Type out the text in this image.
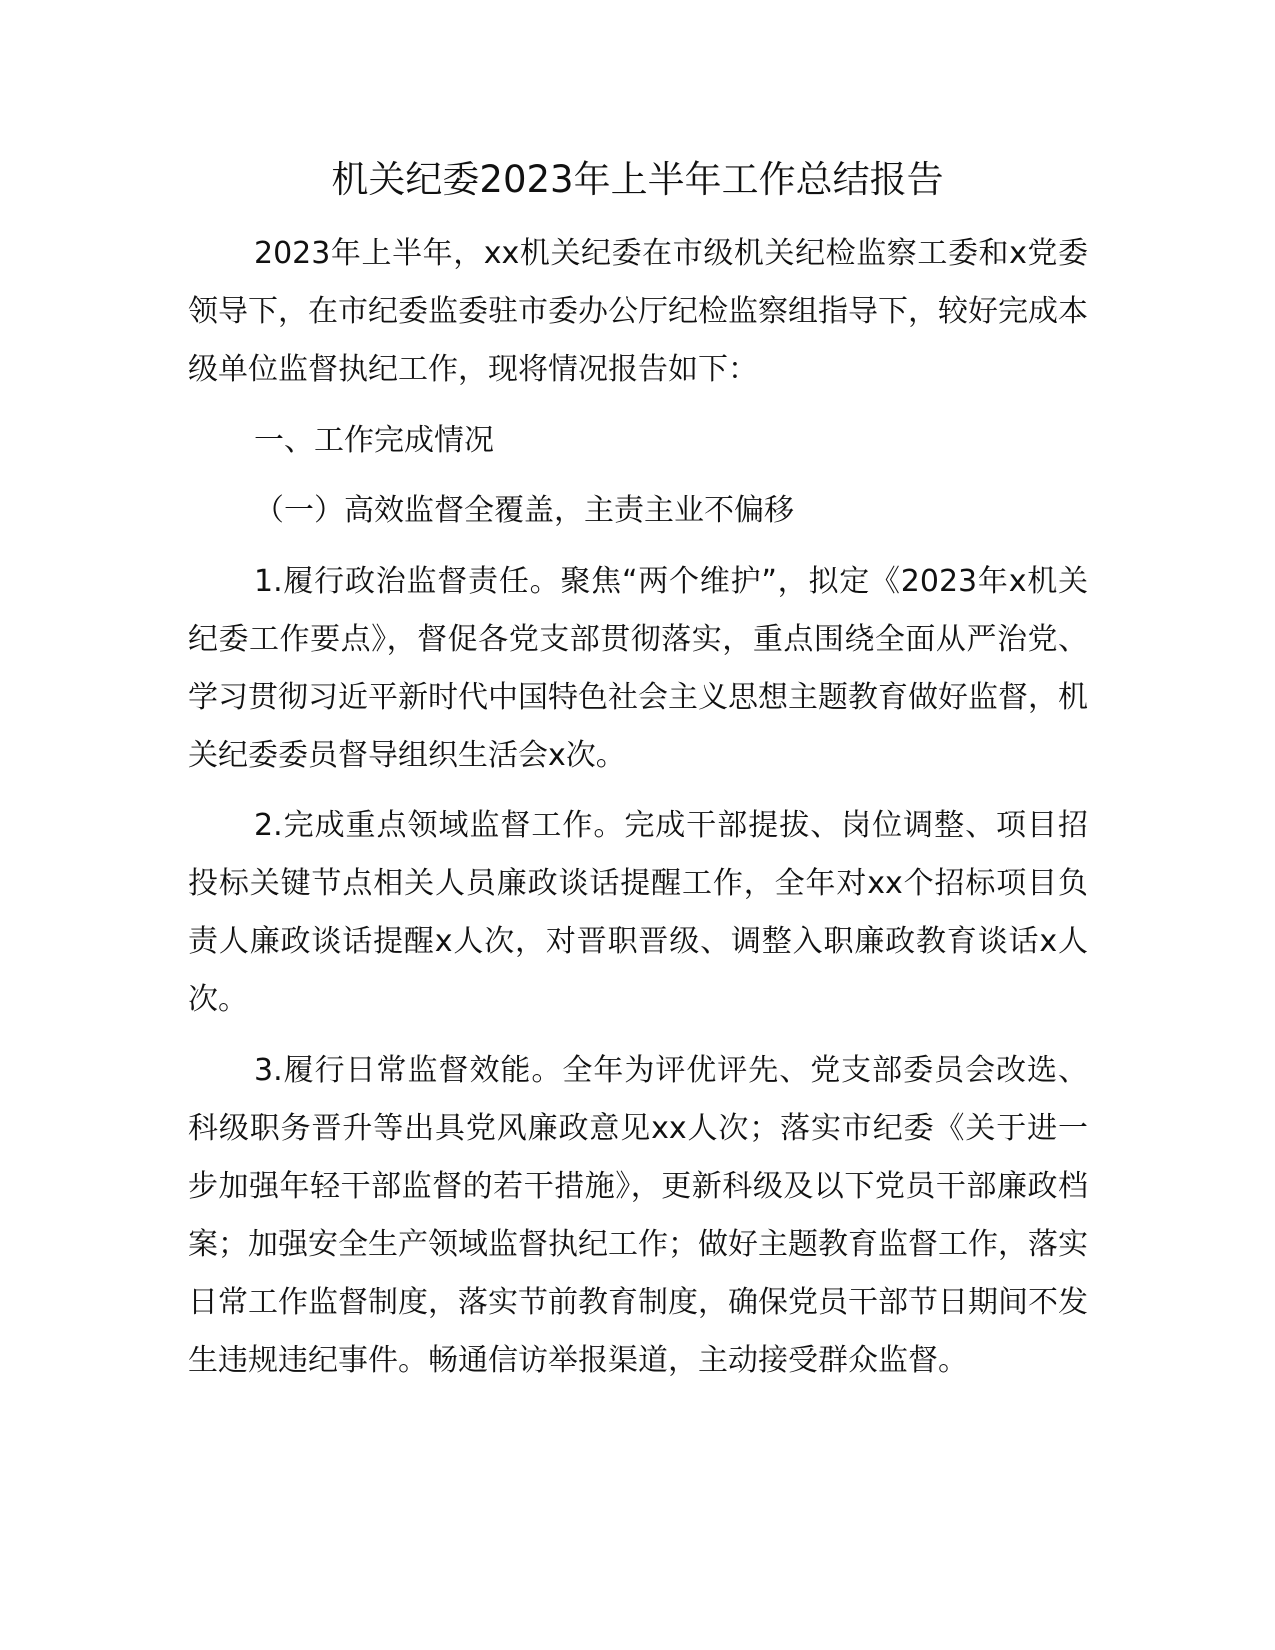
机关纪委2023年上半年工作总结报告

2023年上半年，xx机关纪委在市级机关纪检监察工委和x党委领导下，在市纪委监委驻市委办公厅纪检监察组指导下，较好完成本级单位监督执纪工作，现将情况报告如下：

一、工作完成情况

（一）高效监督全覆盖，主责主业不偏移

1.履行政治监督责任。聚焦“两个维护”，拟定《2023年x机关纪委工作要点》，督促各党支部贯彻落实，重点围绕全面从严治党、学习贯彻习近平新时代中国特色社会主义思想主题教育做好监督，机关纪委委员督导组织生活会x次。

2.完成重点领域监督工作。完成干部提拔、岗位调整、项目招投标关键节点相关人员廉政谈话提醒工作，全年对xx个招标项目负责人廉政谈话提醒x人次，对晋职晋级、调整入职廉政教育谈话x人次。

3.履行日常监督效能。全年为评优评先、党支部委员会改选、科级职务晋升等出具党风廉政意见xx人次；落实市纪委《关于进一步加强年轻干部监督的若干措施》，更新科级及以下党员干部廉政档案；加强安全生产领域监督执纪工作；做好主题教育监督工作，落实日常工作监督制度，落实节前教育制度，确保党员干部节日期间不发生违规违纪事件。畅通信访举报渠道，主动接受群众监督。
